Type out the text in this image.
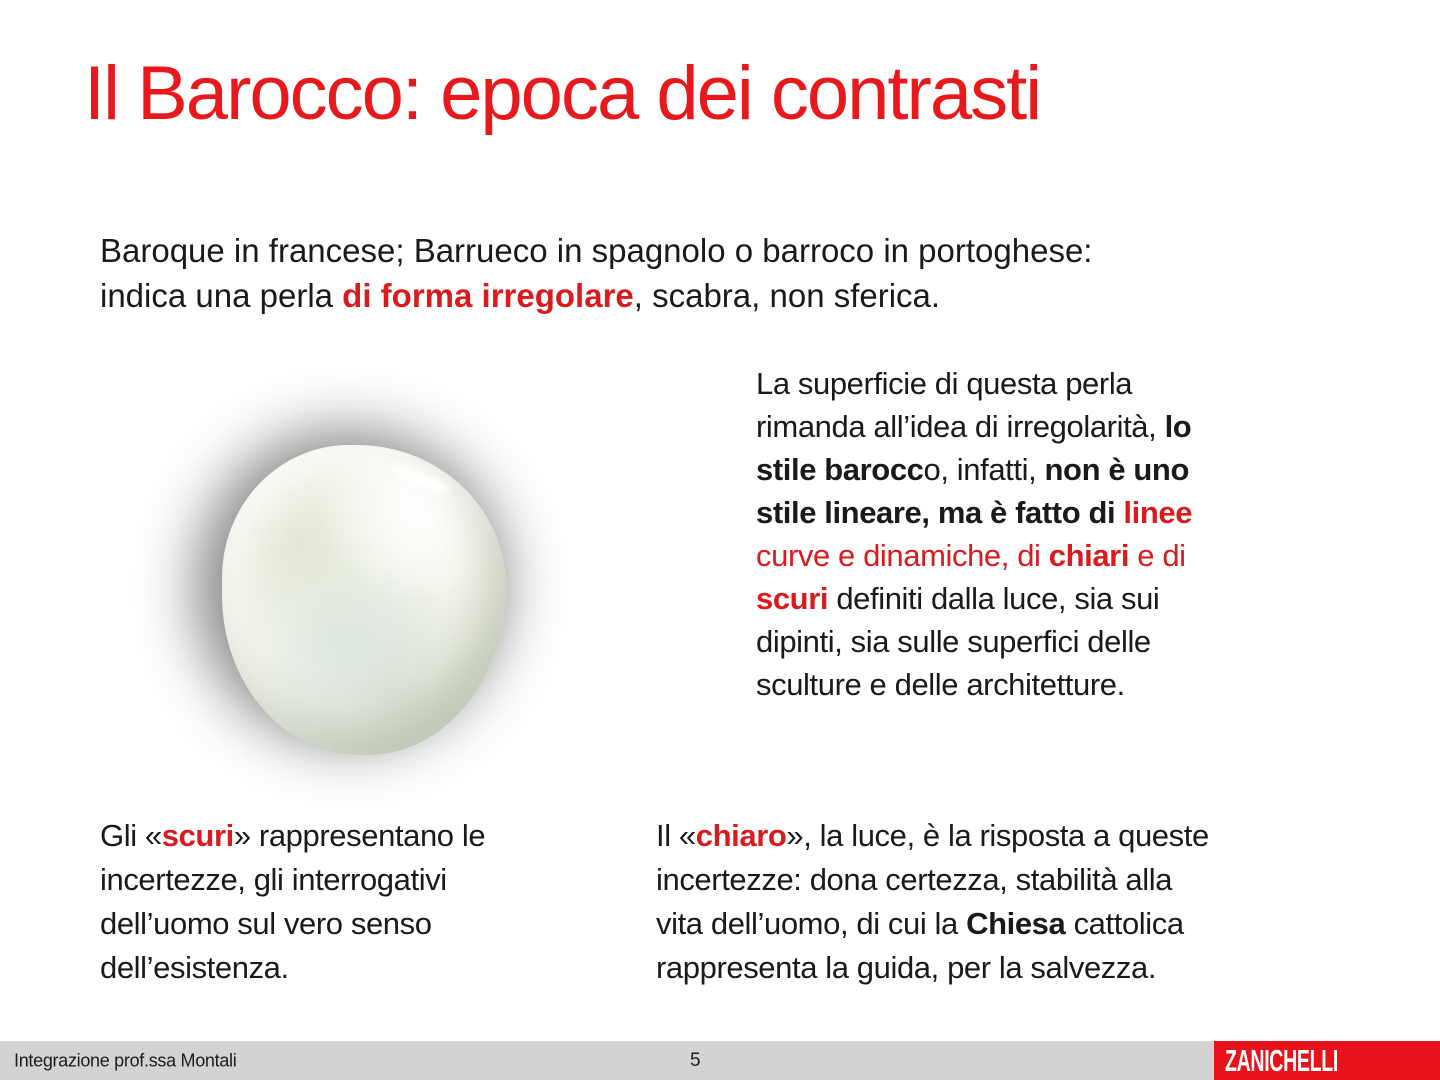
Il Barocco: epoca dei contrasti
Baroque in francese; Barrueco in spagnolo o barroco in portoghese:
indica una perla di forma irregolare, scabra, non sferica.
La superficie di questa perla
rimanda all’idea di irregolarità, lo
stile barocco, infatti, non è uno
stile lineare, ma è fatto di linee
curve e dinamiche, di chiari e di
scuri definiti dalla luce, sia sui
dipinti, sia sulle superfici delle
sculture e delle architetture.
Gli «scuri» rappresentano le
incertezze, gli interrogativi
dell’uomo sul vero senso
dell’esistenza.
Il «chiaro», la luce, è la risposta a queste
incertezze: dona certezza, stabilità alla
vita dell’uomo, di cui la Chiesa cattolica
rappresenta la guida, per la salvezza.
Integrazione prof.ssa Montali	5	ZANICHELLI
